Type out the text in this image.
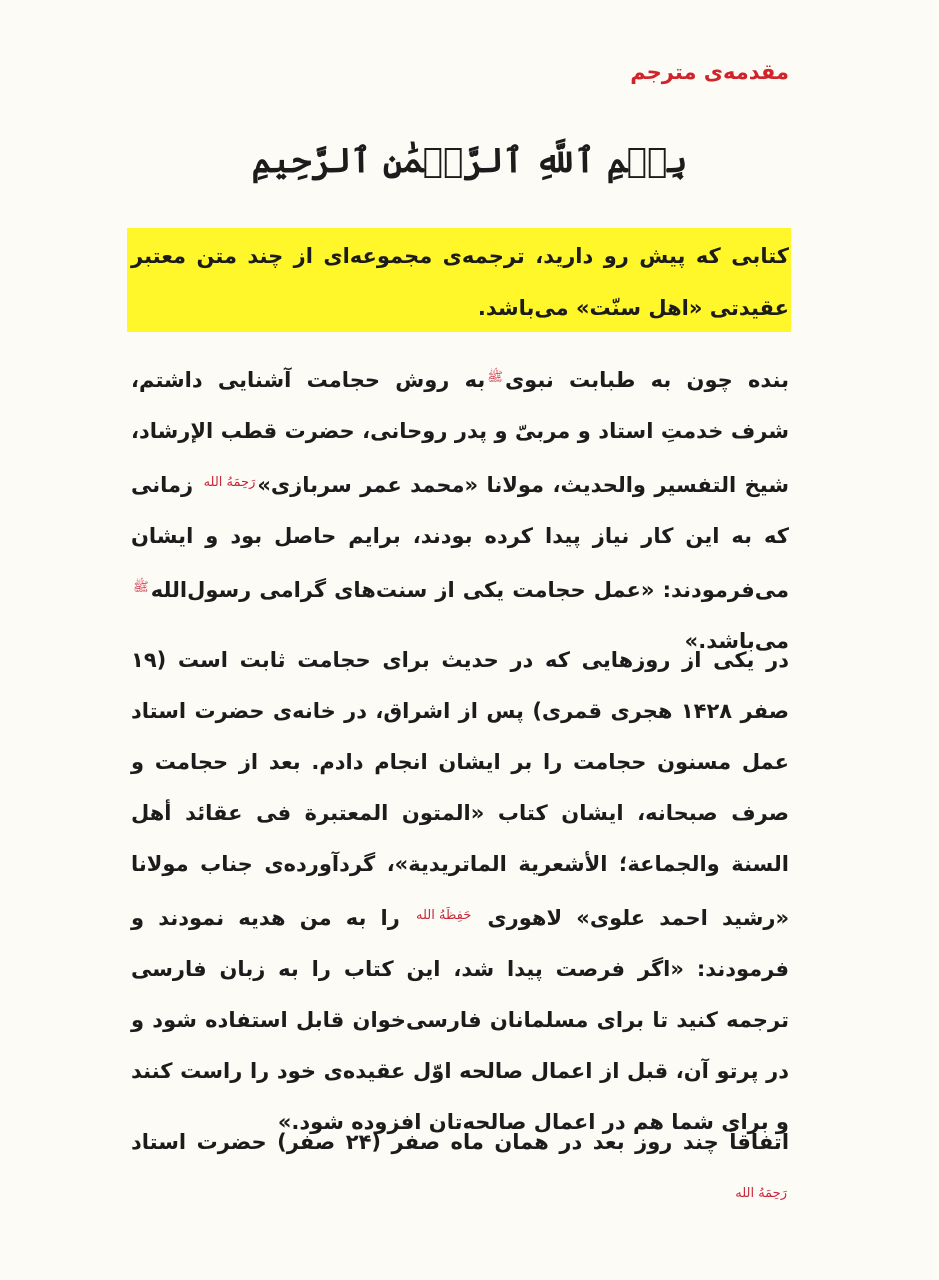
مقدمه‌ی مترجم
بِسۡمِ ٱللَّهِ ٱلرَّحۡمَٰنِ ٱلرَّحِيمِ
کتابی که پیش رو دارید، ترجمه‌ی مجموعه‌ای از چند متن معتبر عقیدتی «اهل سنّت» می‌باشد.
بنده چون به طبابت نبویﷺبه روش حجامت آشنایی داشتم، شرف خدمتِ استاد و مربیّ و پدر روحانی، حضرت قطب الإرشاد، شیخ التفسیر والحدیث، مولانا «محمد عمر سربازی»رَحِمَهُ الله زمانی که به این کار نیاز پیدا کرده بودند، برایم حاصل بود و ایشان می‌فرمودند: «عمل حجامت یکی از سنت‌های گرامی رسول‌اللهﷺمی‌باشد.»
در یکی از روزهایی که در حدیث برای حجامت ثابت است (۱۹ صفر ۱۴۲۸ هجری قمری) پس از اشراق، در خانه‌ی حضرت استاد عمل مسنون حجامت را بر ایشان انجام دادم. بعد از حجامت و صرف صبحانه، ایشان کتاب «المتون المعتبرة فی عقائد أهل السنة والجماعة؛ الأشعرية الماتريدية»، گردآورده‌ی جناب مولانا «رشید احمد علوی» لاهوری حَفِظَهُ الله را به من هدیه نمودند و فرمودند: «اگر فرصت پیدا شد، این کتاب را به زبان فارسی ترجمه کنید تا برای مسلمانان فارسی‌خوان قابل استفاده شود و در پرتو آن، قبل از اعمال صالحه اوّل عقیده‌ی خود را راست کنند و برای شما هم در اعمال صالحه‌تان افزوده شود.»
اتفاقاً چند روز بعد در همان ماه صفر (۲۴ صفر) حضرت استاد رَحِمَهُ الله
